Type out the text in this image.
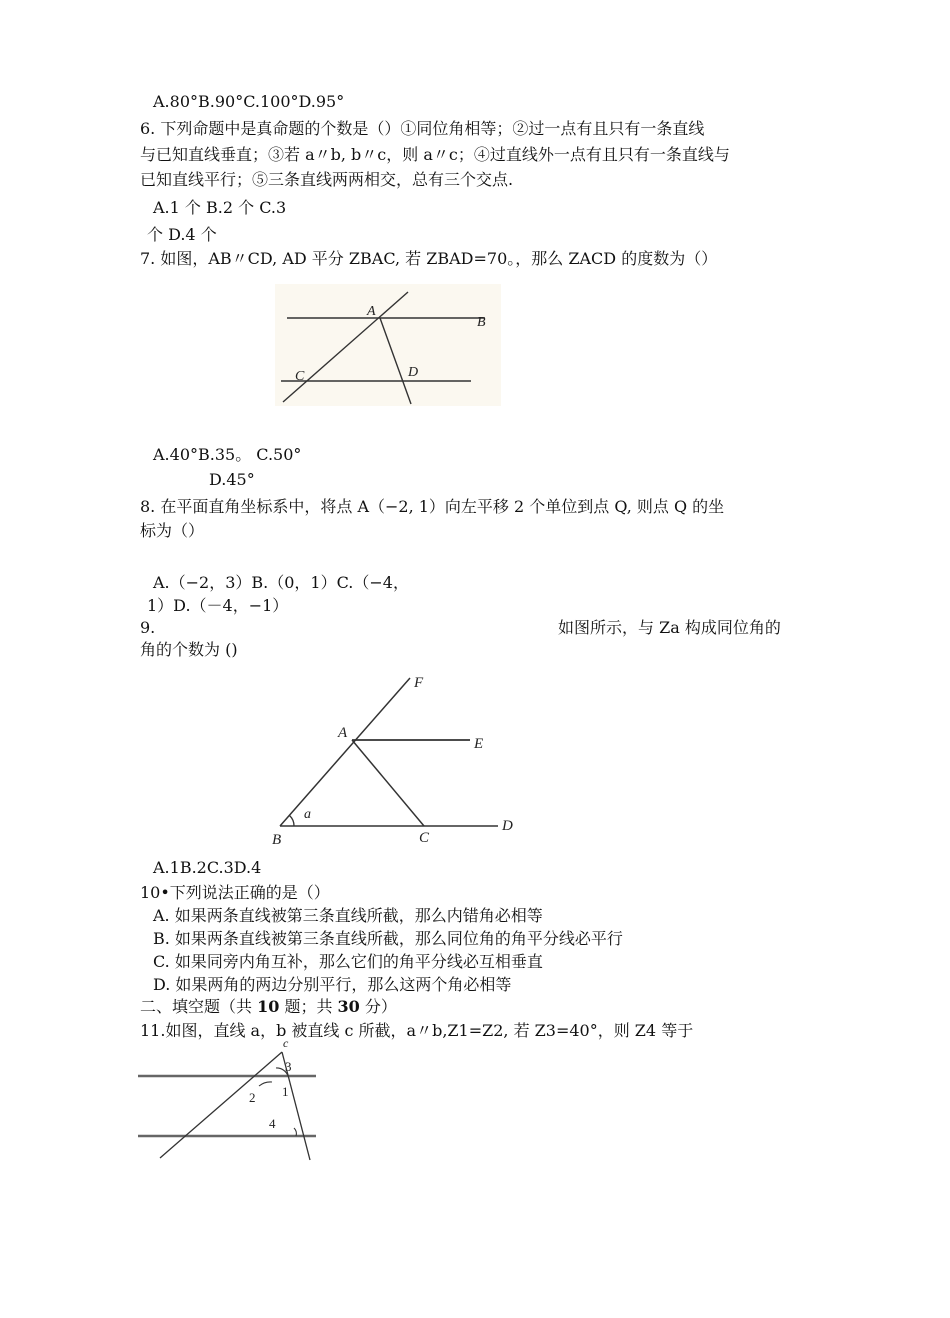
A.80°B.90°C.100°D.95°
6. 下列命题中是真命题的个数是（）①同位角相等；②过一点有且只有一条直线
与已知直线垂直；③若 a〃b, b〃c，则 a〃c；④过直线外一点有且只有一条直线与
已知直线平行；⑤三条直线两两相交，总有三个交点.
A.1 个 B.2 个 C.3
个 D.4 个
7. 如图，AB〃CD, AD 平分 ZBAC, 若 ZBAD=70。，那么 ZACD 的度数为（）
A
B
C	D
A.40°B.35。 C.50°
D.45°
8. 在平面直角坐标系中，将点 A（−2, 1）向左平移 2 个单位到点 Q, 则点 Q 的坐
标为（）
A.（−2，3）B.（0，1）C.（−4，
1）D.（－4，−1）
9.	如图所示，与 Za 构成同位角的
角的个数为 ()
F
A
E
a
B	C
D
A.1B.2C.3D.4
10•下列说法正确的是（）
A. 如果两条直线被第三条直线所截，那么内错角必相等
B. 如果两条直线被第三条直线所截，那么同位角的角平分线必平行
C. 如果同旁内角互补，那么它们的角平分线必互相垂直
D. 如果两角的两边分别平行，那么这两个角必相等
二、填空题（共 10 题；共 30 分）
11.如图，直线 a，b 被直线 c 所截，a〃b,Z1=Z2, 若 Z3=40°，则 Z4 等于
c
3
1
2
4
